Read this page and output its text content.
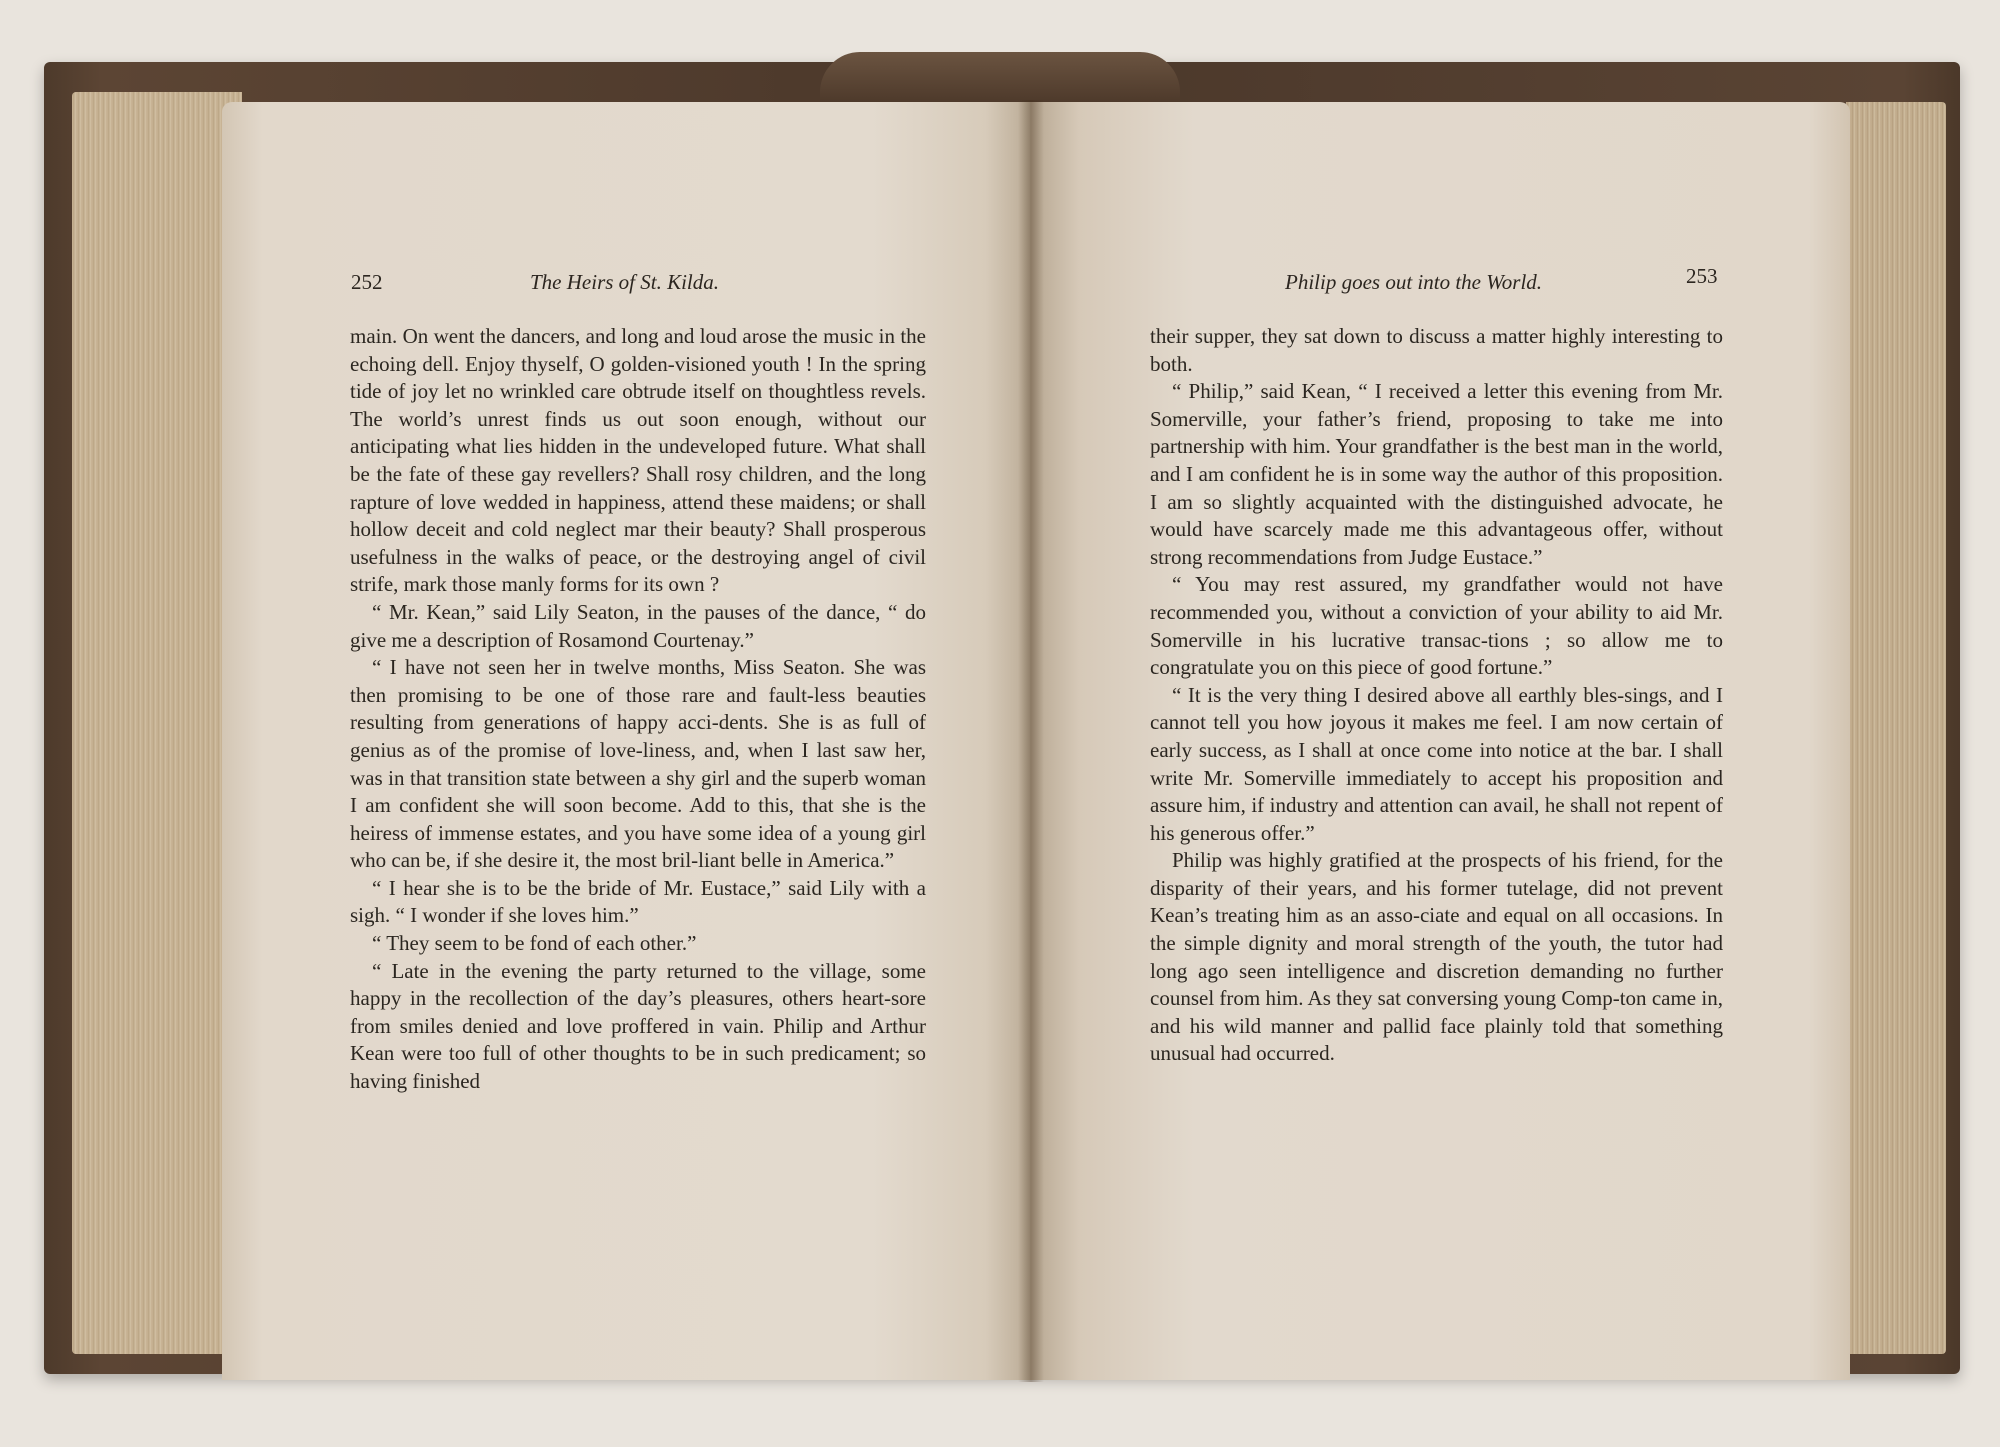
252	The Heirs of St. Kilda.	Philip goes out into the World.	253

main. On went the dancers, and long and loud arose the music in the echoing dell. Enjoy thyself, O golden-visioned youth ! In the spring tide of joy let no wrinkled care obtrude itself on thoughtless revels. The world’s unrest finds us out soon enough, without our anticipating what lies hidden in the undeveloped future. What shall be the fate of these gay revellers? Shall rosy children, and the long rapture of love wedded in happiness, attend these maidens; or shall hollow deceit and cold neglect mar their beauty? Shall prosperous usefulness in the walks of peace, or the destroying angel of civil strife, mark those manly forms for its own ?

“ Mr. Kean,” said Lily Seaton, in the pauses of the dance, “ do give me a description of Rosamond Courtenay.”

“ I have not seen her in twelve months, Miss Seaton. She was then promising to be one of those rare and fault-less beauties resulting from generations of happy acci-dents. She is as full of genius as of the promise of love-liness, and, when I last saw her, was in that transition state between a shy girl and the superb woman I am confident she will soon become. Add to this, that she is the heiress of immense estates, and you have some idea of a young girl who can be, if she desire it, the most bril-liant belle in America.”

“ I hear she is to be the bride of Mr. Eustace,” said Lily with a sigh. “ I wonder if she loves him.”

“ They seem to be fond of each other.”

“ Late in the evening the party returned to the village, some happy in the recollection of the day’s pleasures, others heart-sore from smiles denied and love proffered in vain. Philip and Arthur Kean were too full of other thoughts to be in such predicament; so having finished

their supper, they sat down to discuss a matter highly interesting to both.

“ Philip,” said Kean, “ I received a letter this evening from Mr. Somerville, your father’s friend, proposing to take me into partnership with him. Your grandfather is the best man in the world, and I am confident he is in some way the author of this proposition. I am so slightly acquainted with the distinguished advocate, he would have scarcely made me this advantageous offer, without strong recommendations from Judge Eustace.”

“ You may rest assured, my grandfather would not have recommended you, without a conviction of your ability to aid Mr. Somerville in his lucrative transac-tions ; so allow me to congratulate you on this piece of good fortune.”

“ It is the very thing I desired above all earthly bles-sings, and I cannot tell you how joyous it makes me feel. I am now certain of early success, as I shall at once come into notice at the bar. I shall write Mr. Somerville immediately to accept his proposition and assure him, if industry and attention can avail, he shall not repent of his generous offer.”

Philip was highly gratified at the prospects of his friend, for the disparity of their years, and his former tutelage, did not prevent Kean’s treating him as an asso-ciate and equal on all occasions. In the simple dignity and moral strength of the youth, the tutor had long ago seen intelligence and discretion demanding no further counsel from him. As they sat conversing young Comp-ton came in, and his wild manner and pallid face plainly told that something unusual had occurred.
